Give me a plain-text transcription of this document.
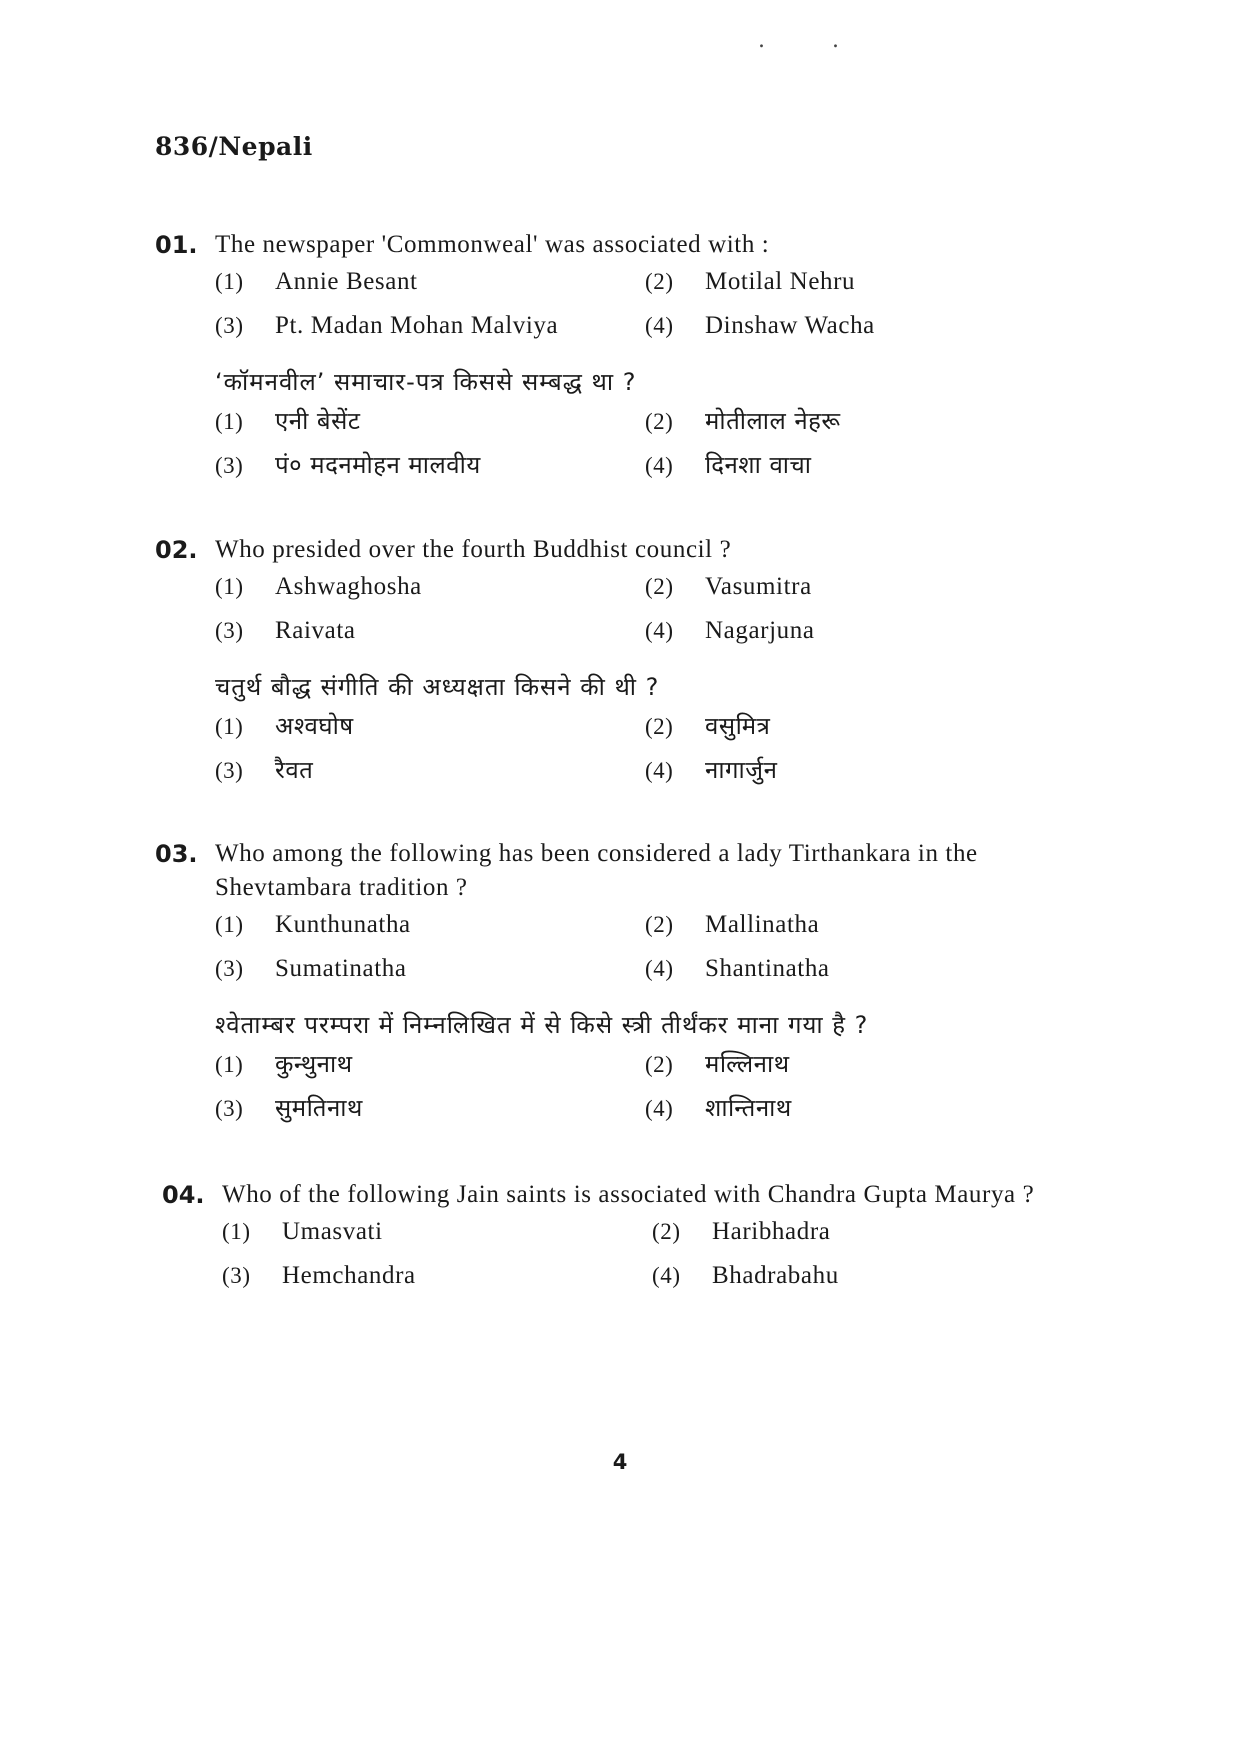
. .
836/Nepali
01. The newspaper 'Commonweal' was associated with :
(1)	Annie Besant	(2)	Motilal Nehru
(3)	Pt. Madan Mohan Malviya	(4)	Dinshaw Wacha
‘कॉमनवील’ समाचार-पत्र किससे सम्बद्ध था ?
(1)	एनी बेसेंट	(2)	मोतीलाल नेहरू
(3)	पं० मदनमोहन मालवीय	(4)	दिनशा वाचा
02. Who presided over the fourth Buddhist council ?
(1)	Ashwaghosha	(2)	Vasumitra
(3)	Raivata	(4)	Nagarjuna
चतुर्थ बौद्ध संगीति की अध्यक्षता किसने की थी ?
(1)	अश्वघोष	(2)	वसुमित्र
(3)	रैवत	(4)	नागार्जुन
03. Who among the following has been considered a lady Tirthankara in the Shevtambara tradition ?
(1)	Kunthunatha	(2)	Mallinatha
(3)	Sumatinatha	(4)	Shantinatha
श्वेताम्बर परम्परा में निम्नलिखित में से किसे स्त्री तीर्थंकर माना गया है ?
(1)	कुन्थुनाथ	(2)	मल्लिनाथ
(3)	सुमतिनाथ	(4)	शान्तिनाथ
04. Who of the following Jain saints is associated with Chandra Gupta Maurya ?
(1)	Umasvati	(2)	Haribhadra
(3)	Hemchandra	(4)	Bhadrabahu
4
